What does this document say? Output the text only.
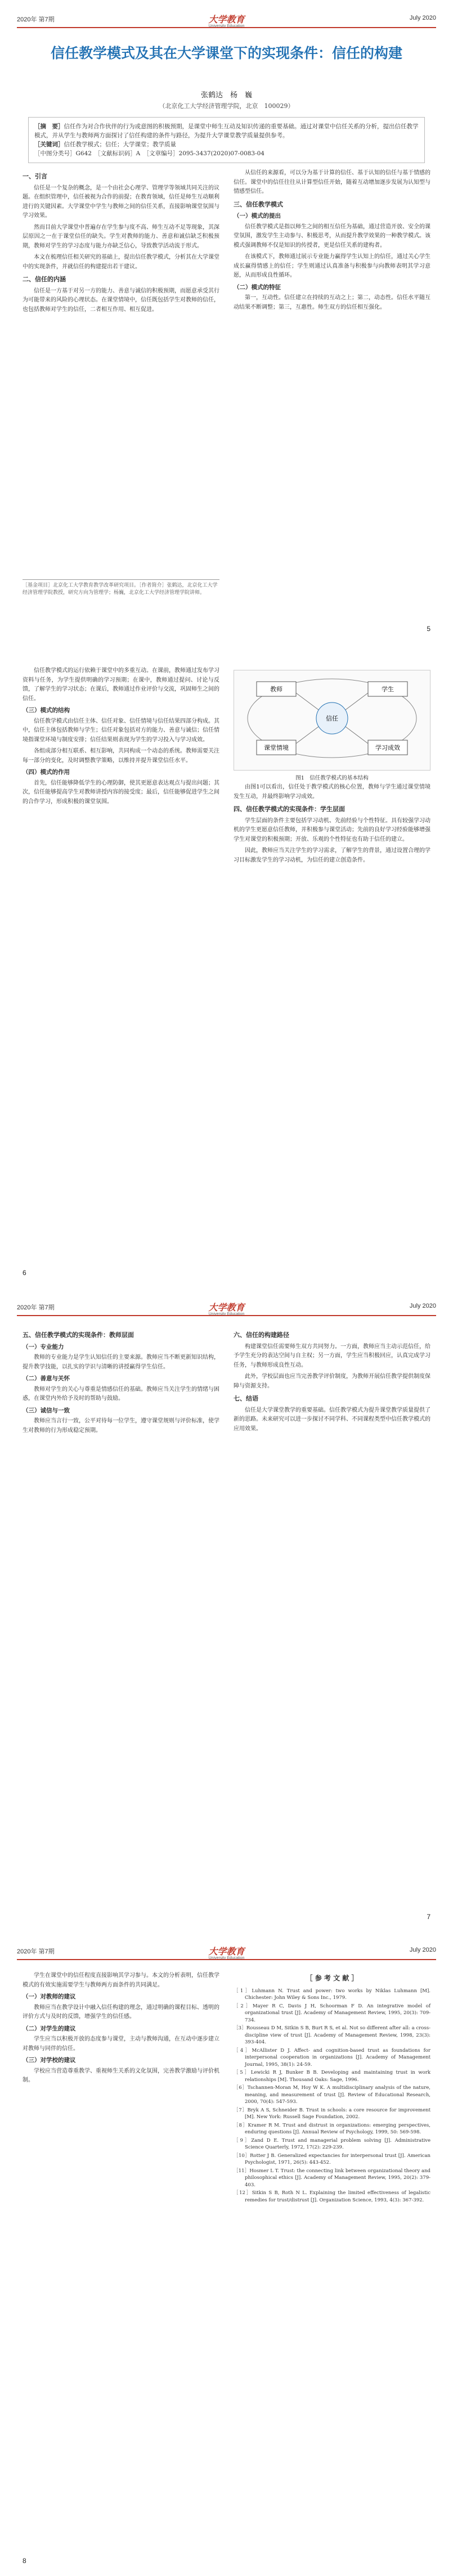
2020年 第7期	大学教育
University Education
July 2020
信任教学模式及其在大学课堂下的实现条件：信任的构建
张鹤达　杨　巍
（北京化工大学经济管理学院，北京　100029）
［摘　要］信任作为对合作伙伴的行为或意图的积极预期，是课堂中师生互动及知识传递的重要基础。通过对课堂中信任关系的分析，提出信任教学模式，并从学生与教师两方面探讨了信任构建的条件与路径，为提升大学课堂教学质量提供参考。
［关键词］信任教学模式；信任；大学课堂；教学质量
［中图分类号］G642　［文献标识码］A　［文章编号］2095-3437(2020)07-0083-04
一、引言

信任是一个复杂的概念，是一个由社会心理学、管理学等领域共同关注的议题。在组织管理中，信任被视为合作的前提；在教育领域，信任是师生互动顺利进行的关键因素。大学课堂中学生与教师之间的信任关系，直接影响课堂氛围与学习效果。

然而目前大学课堂中普遍存在学生参与度不高、师生互动不足等现象，其深层原因之一在于课堂信任的缺失。学生对教师的能力、善意和诚信缺乏积极预期，教师对学生的学习态度与能力亦缺乏信心，导致教学活动流于形式。

本文在梳理信任相关研究的基础上，提出信任教学模式，分析其在大学课堂中的实现条件，并就信任的构建提出若干建议。

二、信任的内涵

信任是一方基于对另一方的能力、善意与诚信的积极预期，而愿意承受其行为可能带来的风险的心理状态。在课堂情境中，信任既包括学生对教师的信任，也包括教师对学生的信任，二者相互作用、相互促进。

从信任的来源看，可以分为基于计算的信任、基于认知的信任与基于情感的信任。课堂中的信任往往从计算型信任开始，随着互动增加逐步发展为认知型与情感型信任。

三、信任教学模式
（一）模式的提出

信任教学模式是指以师生之间的相互信任为基础，通过营造开放、安全的课堂氛围，激发学生主动参与、积极思考，从而提升教学效果的一种教学模式。该模式强调教师不仅是知识的传授者，更是信任关系的建构者。

在该模式下，教师通过展示专业能力赢得学生认知上的信任，通过关心学生成长赢得情感上的信任；学生则通过认真准备与积极参与向教师表明其学习意愿，从而形成良性循环。

（二）模式的特征

第一，互动性。信任建立在持续的互动之上；第二，动态性。信任水平随互动结果不断调整；第三，互惠性。师生双方的信任相互强化。

［基金项目］北京化工大学教育教学改革研究项目。［作者简介］张鹤达，北京化工大学经济管理学院教授，研究方向为管理学；杨巍，北京化工大学经济管理学院讲师。
5

信任教学模式的运行依赖于课堂中的多重互动。在课前，教师通过发布学习资料与任务，为学生提供明确的学习预期；在课中，教师通过提问、讨论与反馈，了解学生的学习状态；在课后，教师通过作业评价与交流，巩固师生之间的信任。

（三）模式的结构

信任教学模式由信任主体、信任对象、信任情境与信任结果四部分构成。其中，信任主体包括教师与学生；信任对象包括对方的能力、善意与诚信；信任情境指课堂环境与制度安排；信任结果则表现为学生的学习投入与学习成效。

各组成部分相互联系、相互影响，共同构成一个动态的系统。教师需要关注每一部分的变化，及时调整教学策略，以维持并提升课堂信任水平。

（四）模式的作用

首先，信任能够降低学生的心理防御，使其更愿意表达观点与提出问题；其次，信任能够提高学生对教师讲授内容的接受度；最后，信任能够促进学生之间的合作学习，形成积极的课堂氛围。

信任
教师	学生
课堂情境	学习成效
图1　信任教学模式的基本结构

由图1可以看出，信任处于教学模式的核心位置，教师与学生通过课堂情境发生互动，并最终影响学习成效。

四、信任教学模式的实现条件：学生层面

学生层面的条件主要包括学习动机、先前经验与个性特征。具有较强学习动机的学生更愿意信任教师，并积极参与课堂活动；先前的良好学习经验能够增强学生对课堂的积极预期；开放、乐观的个性特征也有助于信任的建立。

因此，教师应当关注学生的学习需求，了解学生的背景，通过设置合理的学习目标激发学生的学习动机，为信任的建立创造条件。

6
2020年 第7期	大学教育
University Education
July 2020
五、信任教学模式的实现条件：教师层面
（一）专业能力

教师的专业能力是学生认知信任的主要来源。教师应当不断更新知识结构，提升教学技能，以扎实的学识与清晰的讲授赢得学生信任。

（二）善意与关怀

教师对学生的关心与尊重是情感信任的基础。教师应当关注学生的情绪与困惑，在课堂内外给予及时的帮助与鼓励。

（三）诚信与一致

教师应当言行一致，公平对待每一位学生，遵守课堂规则与评价标准，使学生对教师的行为形成稳定预期。

六、信任的构建路径

构建课堂信任需要师生双方共同努力。一方面，教师应当主动示范信任，给予学生充分的表达空间与自主权；另一方面，学生应当积极回应，认真完成学习任务，与教师形成良性互动。

此外，学校层面也应当完善教学评价制度，为教师开展信任教学提供制度保障与资源支持。

七、结语

信任是大学课堂教学的重要基础。信任教学模式为提升课堂教学质量提供了新的思路。未来研究可以进一步探讨不同学科、不同课程类型中信任教学模式的应用效果。

7
2020年 第7期	大学教育
University Education
July 2020

学生在课堂中的信任程度直接影响其学习参与。本文的分析表明，信任教学模式的有效实施需要学生与教师两方面条件的共同满足。

（一）对教师的建议

教师应当在教学设计中融入信任构建的理念，通过明确的课程目标、透明的评价方式与及时的反馈，增强学生的信任感。

（二）对学生的建议

学生应当以积极开放的态度参与课堂，主动与教师沟通，在互动中逐步建立对教师与同伴的信任。

（三）对学校的建议

学校应当营造尊重教学、重视师生关系的文化氛围，完善教学激励与评价机制。

［ 参 考 文 献 ］
［1］Luhmann N. Trust and power: two works by Niklas Luhmann [M]. Chichester: John Wiley & Sons Inc., 1979.
［2］Mayer R C, Davis J H, Schoorman F D. An integrative model of organizational trust [J]. Academy of Management Review, 1995, 20(3): 709-734.
［3］Rousseau D M, Sitkin S B, Burt R S, et al. Not so different after all: a cross-discipline view of trust [J]. Academy of Management Review, 1998, 23(3): 393-404.
［4］McAllister D J. Affect- and cognition-based trust as foundations for interpersonal cooperation in organizations [J]. Academy of Management Journal, 1995, 38(1): 24-59.
［5］Lewicki R J, Bunker B B. Developing and maintaining trust in work relationships [M]. Thousand Oaks: Sage, 1996.
［6］Tschannen-Moran M, Hoy W K. A multidisciplinary analysis of the nature, meaning, and measurement of trust [J]. Review of Educational Research, 2000, 70(4): 547-593.
［7］Bryk A S, Schneider B. Trust in schools: a core resource for improvement [M]. New York: Russell Sage Foundation, 2002.
［8］Kramer R M. Trust and distrust in organizations: emerging perspectives, enduring questions [J]. Annual Review of Psychology, 1999, 50: 569-598.
［9］Zand D E. Trust and managerial problem solving [J]. Administrative Science Quarterly, 1972, 17(2): 229-239.
［10］Rotter J B. Generalized expectancies for interpersonal trust [J]. American Psychologist, 1971, 26(5): 443-452.
［11］Hosmer L T. Trust: the connecting link between organizational theory and philosophical ethics [J]. Academy of Management Review, 1995, 20(2): 379-403.
［12］Sitkin S B, Roth N L. Explaining the limited effectiveness of legalistic remedies for trust/distrust [J]. Organization Science, 1993, 4(3): 367-392.
8
